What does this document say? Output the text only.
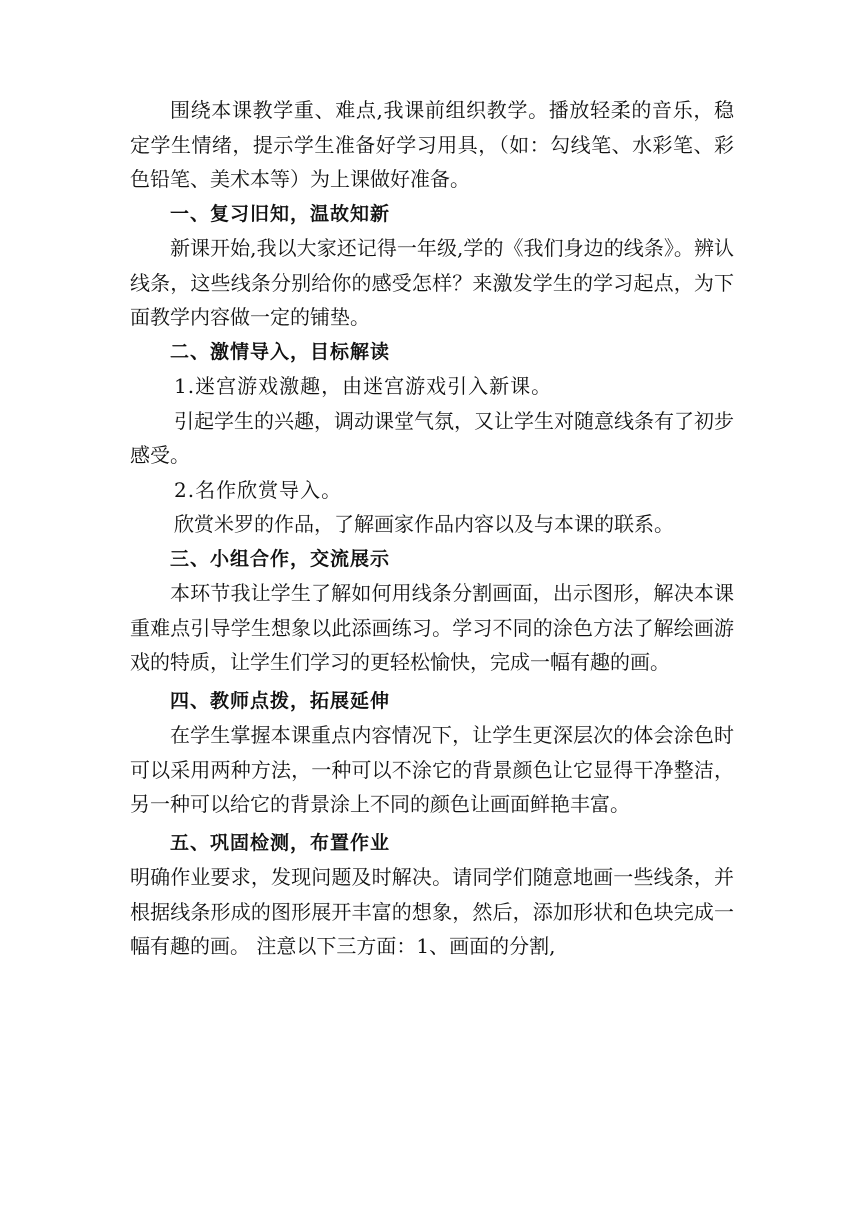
围绕本课教学重、难点,我课前组织教学。播放轻柔的音乐，稳定学生情绪，提示学生准备好学习用具，（如：勾线笔、水彩笔、彩色铅笔、美术本等）为上课做好准备。

一、复习旧知，温故知新

新课开始,我以大家还记得一年级,学的《我们身边的线条》。辨认线条，这些线条分别给你的感受怎样？来激发学生的学习起点，为下面教学内容做一定的铺垫。

二、激情导入，目标解读

1.迷宫游戏激趣，由迷宫游戏引入新课。

引起学生的兴趣，调动课堂气氛，又让学生对随意线条有了初步感受。

2.名作欣赏导入。

欣赏米罗的作品，了解画家作品内容以及与本课的联系。

三、小组合作，交流展示

本环节我让学生了解如何用线条分割画面，出示图形，解决本课重难点引导学生想象以此添画练习。学习不同的涂色方法了解绘画游戏的特质，让学生们学习的更轻松愉快，完成一幅有趣的画。

四、教师点拨，拓展延伸

在学生掌握本课重点内容情况下，让学生更深层次的体会涂色时可以采用两种方法，一种可以不涂它的背景颜色让它显得干净整洁，另一种可以给它的背景涂上不同的颜色让画面鲜艳丰富。

五、巩固检测，布置作业

明确作业要求，发现问题及时解决。请同学们随意地画一些线条，并根据线条形成的图形展开丰富的想象，然后，添加形状和色块完成一幅有趣的画。 注意以下三方面：1、画面的分割,
